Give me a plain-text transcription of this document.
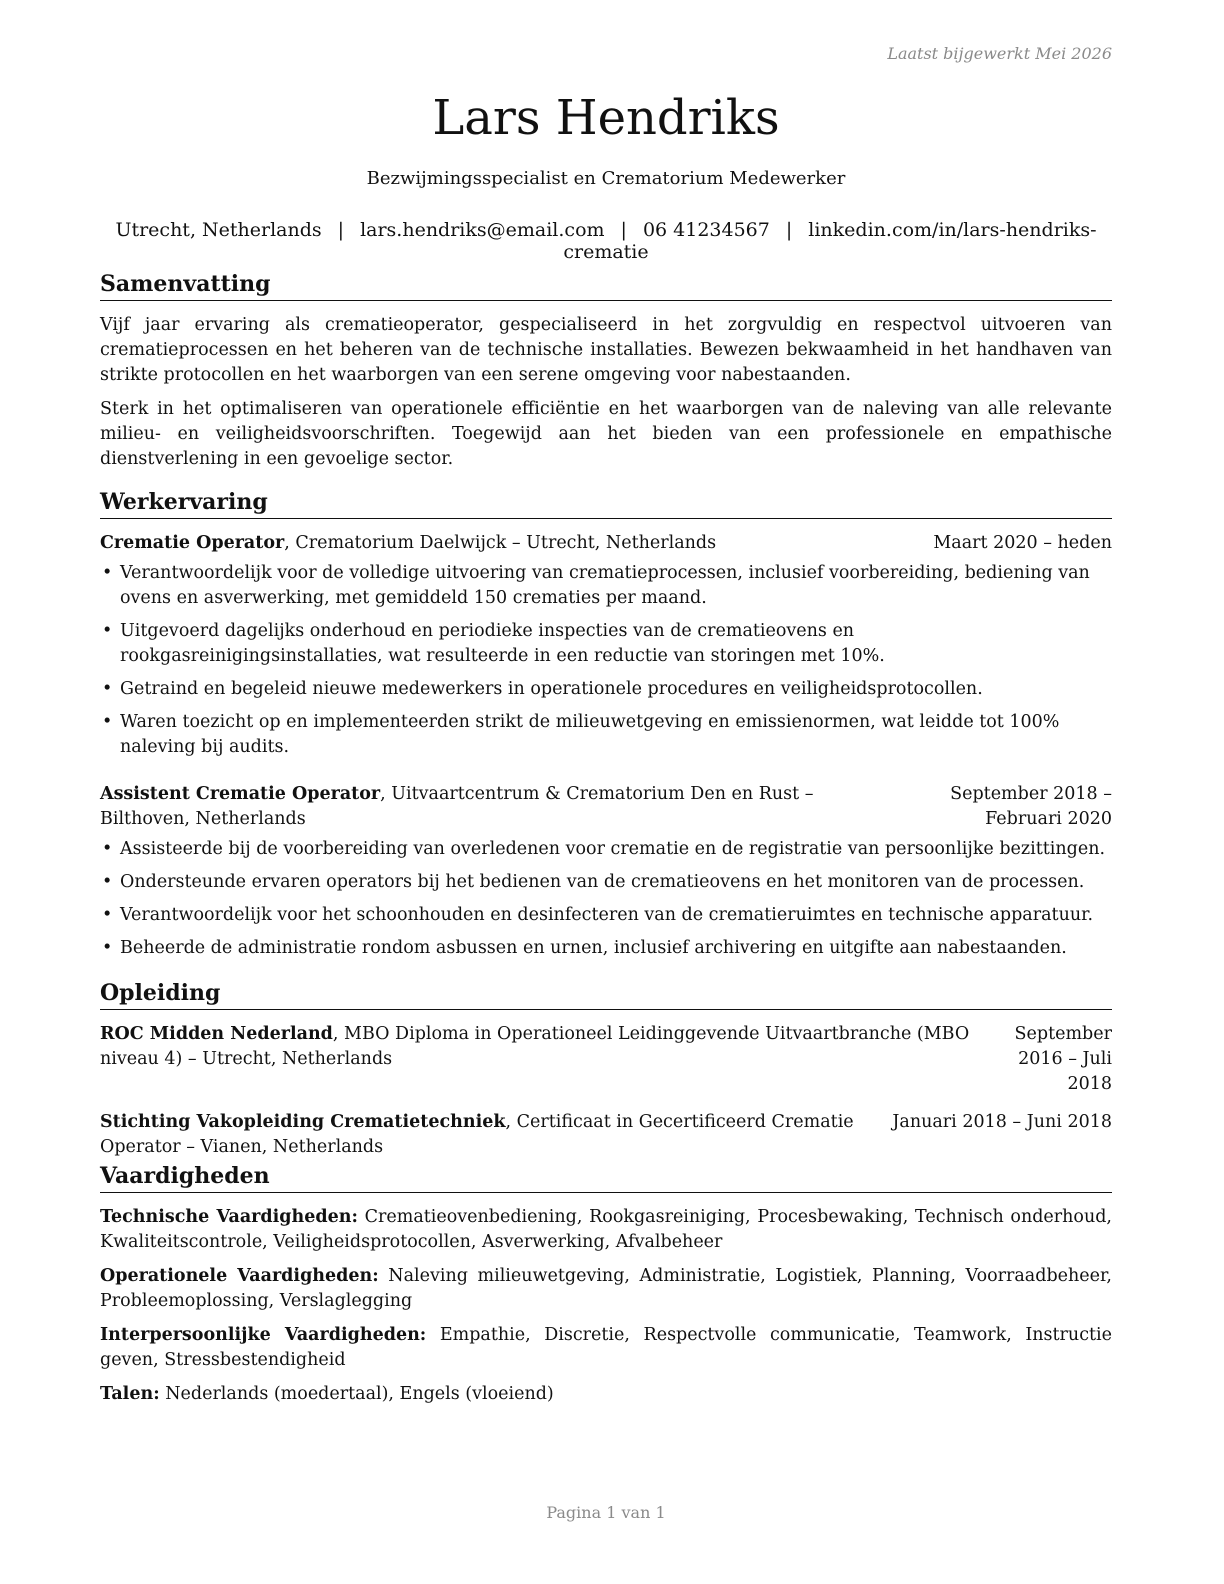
Laatst bijgewerkt Mei 2026
Lars Hendriks
Bezwijmingsspecialist en Crematorium Medewerker
Utrecht, Netherlands | lars.hendriks@email.com | 06 41234567 | linkedin.com/in/lars-hendriks-crematie
Samenvatting

Vijf jaar ervaring als crematieoperator, gespecialiseerd in het zorgvuldig en respectvol uitvoeren van crematieprocessen en het beheren van de technische installaties. Bewezen bekwaamheid in het handhaven van strikte protocollen en het waarborgen van een serene omgeving voor nabestaanden.

Sterk in het optimaliseren van operationele efficiëntie en het waarborgen van de naleving van alle relevante milieu- en veiligheidsvoorschriften. Toegewijd aan het bieden van een professionele en empathische dienstverlening in een gevoelige sector.

Werkervaring
Crematie Operator, Crematorium Daelwijck – Utrecht, Netherlands	Maart 2020 – heden
• Verantwoordelijk voor de volledige uitvoering van crematieprocessen, inclusief voorbereiding, bediening van ovens en asverwerking, met gemiddeld 150 crematies per maand.
• Uitgevoerd dagelijks onderhoud en periodieke inspecties van de crematieovens en rookgasreinigingsinstallaties, wat resulteerde in een reductie van storingen met 10%.
• Getraind en begeleid nieuwe medewerkers in operationele procedures en veiligheidsprotocollen.
• Waren toezicht op en implementeerden strikt de milieuwetgeving en emissienormen, wat leidde tot 100% naleving bij audits.
Assistent Crematie Operator, Uitvaartcentrum & Crematorium Den en Rust – Bilthoven, Netherlands
September 2018 – Februari 2020
• Assisteerde bij de voorbereiding van overledenen voor crematie en de registratie van persoonlijke bezittingen.
• Ondersteunde ervaren operators bij het bedienen van de crematieovens en het monitoren van de processen.
• Verantwoordelijk voor het schoonhouden en desinfecteren van de crematieruimtes en technische apparatuur.
• Beheerde de administratie rondom asbussen en urnen, inclusief archivering en uitgifte aan nabestaanden.
Opleiding
ROC Midden Nederland, MBO Diploma in Operationeel Leidinggevende Uitvaartbranche (MBO niveau 4) – Utrecht, Netherlands
September 2016 – Juli 2018
Stichting Vakopleiding Crematietechniek, Certificaat in Gecertificeerd Crematie Operator – Vianen, Netherlands
Januari 2018 – Juni 2018
Vaardigheden
Technische Vaardigheden: Crematieovenbediening, Rookgasreiniging, Procesbewaking, Technisch onderhoud, Kwaliteitscontrole, Veiligheidsprotocollen, Asverwerking, Afvalbeheer
Operationele Vaardigheden: Naleving milieuwetgeving, Administratie, Logistiek, Planning, Voorraadbeheer, Probleemoplossing, Verslaglegging
Interpersoonlijke Vaardigheden: Empathie, Discretie, Respectvolle communicatie, Teamwork, Instructie geven, Stressbestendigheid
Talen: Nederlands (moedertaal), Engels (vloeiend)
Pagina 1 van 1
